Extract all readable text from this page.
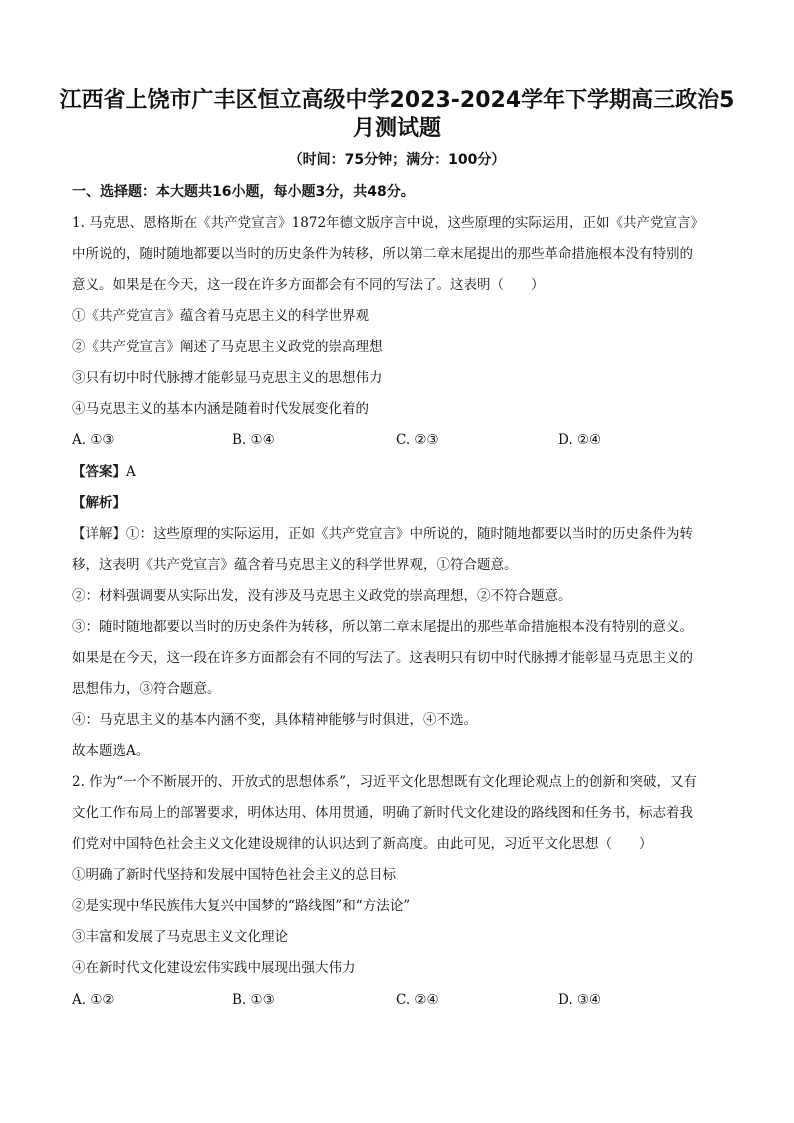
江西省上饶市广丰区恒立高级中学2023-2024学年下学期高三政治5
月测试题
（时间：75分钟；满分：100分）
一、选择题：本大题共16小题，每小题3分，共48分。
1. 马克思、恩格斯在《共产党宣言》1872年德文版序言中说，这些原理的实际运用，正如《共产党宣言》
中所说的，随时随地都要以当时的历史条件为转移，所以第二章末尾提出的那些革命措施根本没有特别的
意义。如果是在今天，这一段在许多方面都会有不同的写法了。这表明（　　）
①《共产党宣言》蕴含着马克思主义的科学世界观
②《共产党宣言》阐述了马克思主义政党的崇高理想
③只有切中时代脉搏才能彰显马克思主义的思想伟力
④马克思主义的基本内涵是随着时代发展变化着的
A. ①③	B. ①④	C. ②③	D. ②④
【答案】A
【解析】
【详解】①：这些原理的实际运用，正如《共产党宣言》中所说的，随时随地都要以当时的历史条件为转
移，这表明《共产党宣言》蕴含着马克思主义的科学世界观，①符合题意。
②：材料强调要从实际出发，没有涉及马克思主义政党的崇高理想，②不符合题意。
③：随时随地都要以当时的历史条件为转移，所以第二章末尾提出的那些革命措施根本没有特别的意义。
如果是在今天，这一段在许多方面都会有不同的写法了。这表明只有切中时代脉搏才能彰显马克思主义的
思想伟力，③符合题意。
④：马克思主义的基本内涵不变，具体精神能够与时俱进，④不选。
故本题选A。
2. 作为“一个不断展开的、开放式的思想体系”，习近平文化思想既有文化理论观点上的创新和突破，又有
文化工作布局上的部署要求，明体达用、体用贯通，明确了新时代文化建设的路线图和任务书，标志着我
们党对中国特色社会主义文化建设规律的认识达到了新高度。由此可见，习近平文化思想（　　）
①明确了新时代坚持和发展中国特色社会主义的总目标
②是实现中华民族伟大复兴中国梦的“路线图”和“方法论”
③丰富和发展了马克思主义文化理论
④在新时代文化建设宏伟实践中展现出强大伟力
A. ①②	B. ①③	C. ②④	D. ③④
